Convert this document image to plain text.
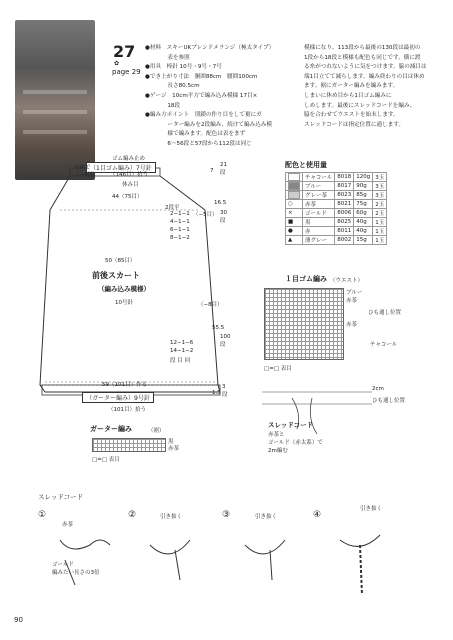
27
✿
page 29
●材料　スキーUKブレンドメランジ（極太タイプ）
　　　　表を参照
●用具　棒針 10号・9号・7号
●でき上がり寸法　胴囲88cm　腰囲100cm
　　　　長さ80.5cm
●ゲージ　10cm平方で編み込み模様 17目×
　　　　18段
●編み方ポイント　別鎖の作り目をして裾にガ
　　　　ーター編みを2段編み、続けて編み込み模
　　　　様で編みます。配色は表をまず
　　　　6〜56段と57段から112段は同じ
模様になり、113段から最後の130段は最初の
1段から18段と模様も配色も同じです。横に渡
る糸がつれないように気をつけます。脇の減目は
端1目立てて減らします。編み終わりの目は休め
ます。裾にガーター編みを編みます。
しまいに休め目から1目ゴム編みに
しめします。最後にスレッドコードを編み、
脇を合わせてウエストを始末します。
スレッドコードは指定位置に通します。
配色と使用量
	チャコール	8018	120g	3玉
	ブルー	8017	90g	3玉
	グレー茶	8023	85g	3玉
○	赤茶	8021	75g	2玉
×	ゴールド	8006	60g	2玉
■	黒	8025	40g	1玉
●	赤	8011	40g	1玉
▲	薄グレー	8002	15g	1玉
（1目ゴム編み）7号針
ゴム編み止め
全体で
（−4目） （146目）拾う
休み目
44（75目）
7
21段
2段平
2−1−1
4−1−1
6−1−1
8−1−2
（−5目）
16.5
30段
50（85目）
前後スカート
（編み込み模様）
10号針
12−1−6
14−1−2
段 目 回
（−8目）
55.5
100段
59（101目）作る
（ガーター編み）9号針
（101目）拾う
1.5
3段
ガーター編み	（裾）
黒
赤茶
□=□ 表目
１目ゴム編み （ウエスト）
ブルー
赤茶
ひも通し位置
赤茶
チャコール
□=□ 表目
2cm
ひも通し位置
スレッドコード
赤茶と
ゴールド（赤太系）で
2m編む
スレッドコード
①	②	③	④
赤茶
ゴールド
編みたい長さの3倍
引き抜く	引き抜く
引き抜く
90
